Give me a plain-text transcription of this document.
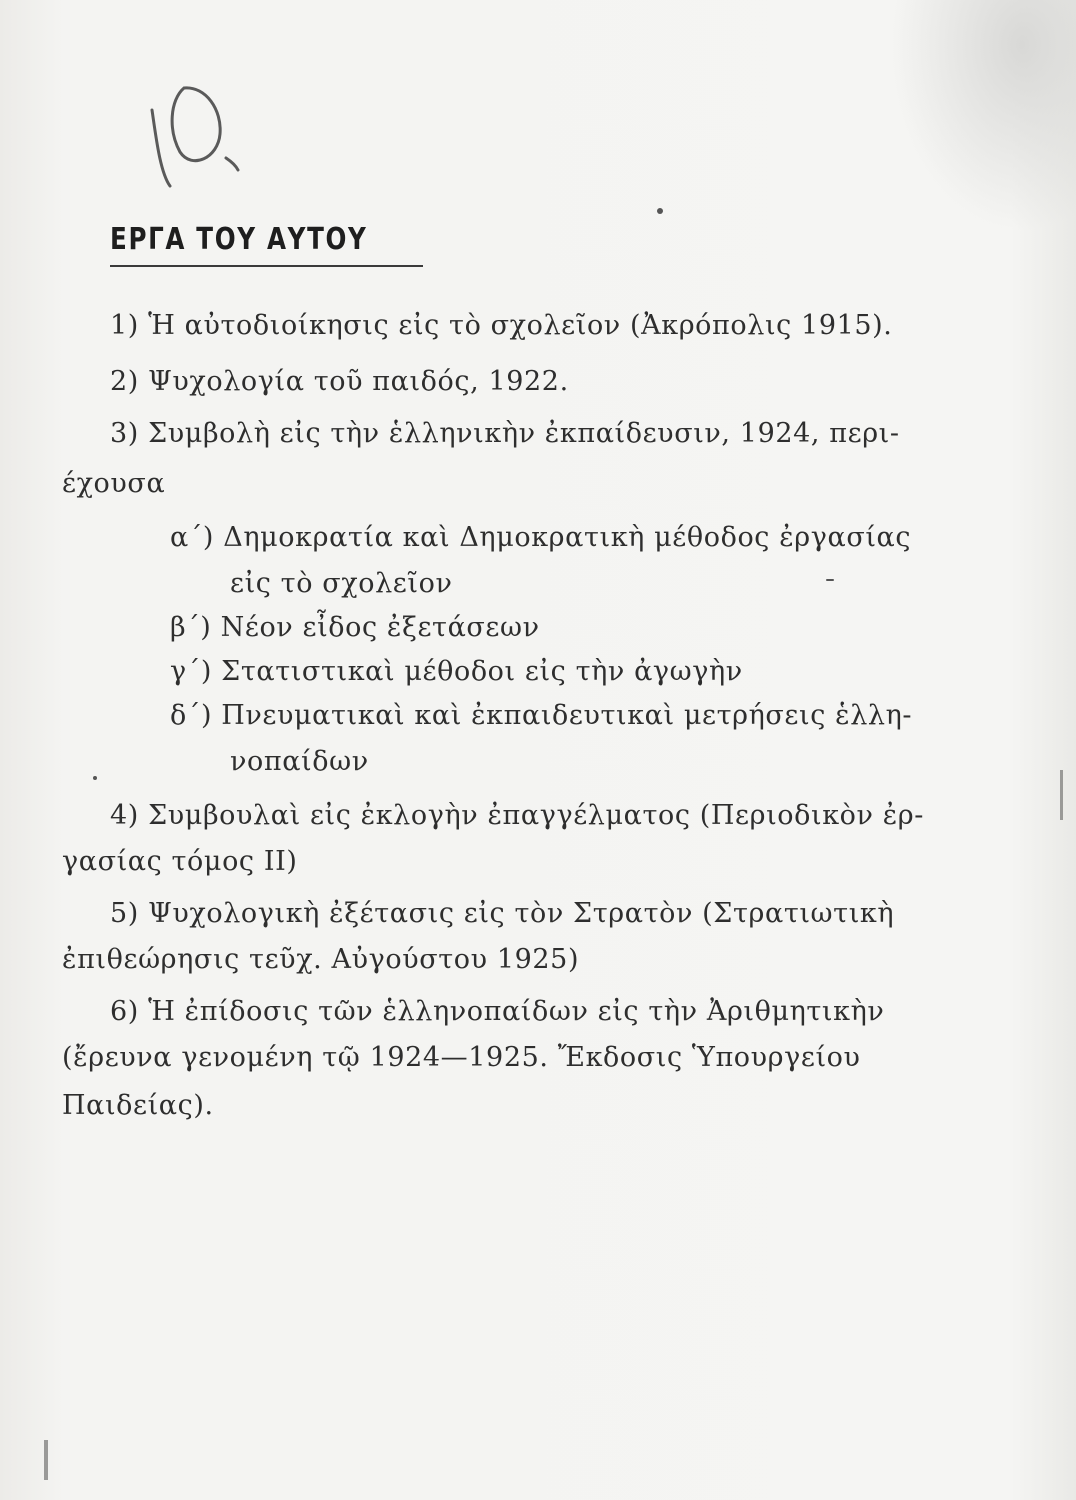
ΕΡΓΑ ΤΟΥ ΑΥΤΟΥ
1) Ἡ αὐτοδιοίκησις εἰς τὸ σχολεῖον (Ἀκρόπολις 1915).
2) Ψυχολογία τοῦ παιδός, 1922.
3) Συμβολὴ εἰς τὴν ἑλληνικὴν ἐκπαίδευσιν, 1924, περι-
έχουσα
α΄) Δημοκρατία καὶ Δημοκρατικὴ μέθοδος ἐργασίας
εἰς τὸ σχολεῖον
β΄) Νέον εἶδος ἐξετάσεων
γ΄) Στατιστικαὶ μέθοδοι εἰς τὴν ἀγωγὴν
δ΄) Πνευματικαὶ καὶ ἐκπαιδευτικαὶ μετρήσεις ἑλλη-
νοπαίδων
4) Συμβουλαὶ εἰς ἐκλογὴν ἐπαγγέλματος (Περιοδικὸν ἐρ-
γασίας τόμος ΙΙ)
5) Ψυχολογικὴ ἐξέτασις εἰς τὸν Στρατὸν (Στρατιωτικὴ
ἐπιθεώρησις τεῦχ. Αὐγούστου 1925)
6) Ἡ ἐπίδοσις τῶν ἑλληνοπαίδων εἰς τὴν Ἀριθμητικὴν
(ἔρευνα γενομένη τῷ 1924—1925. Ἔκδοσις Ὑπουργείου
Παιδείας).
